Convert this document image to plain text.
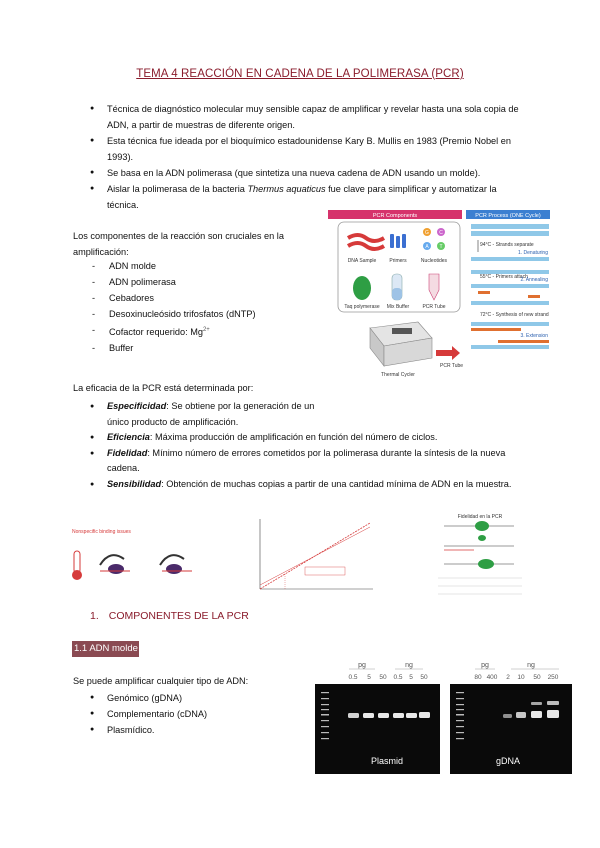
TEMA 4 REACCIÓN EN CADENA DE LA POLIMERASA (PCR)
● Técnica de diagnóstico molecular muy sensible capaz de amplificar y revelar hasta una sola copia de ADN, a partir de muestras de diferente origen.
● Esta técnica fue ideada por el bioquímico estadounidense Kary B. Mullis en 1983 (Premio Nobel en 1993).
● Se basa en la ADN polimerasa (que sintetiza una nueva cadena de ADN usando un molde).
● Aislar la polimerasa de la bacteria Thermus aquaticus fue clave para simplificar y automatizar la técnica.
Los componentes de la reacción son cruciales en la amplificación:
- ADN molde
- ADN polimerasa
- Cebadores
- Desoxinucleósido trifosfatos (dNTP)
- Cofactor requerido: $Mg^{2+}$
- Buffer
PCR Components
DNA Sample	Primers
G C
A T
Nucleotides
Taq polymerase Mix Buffer	PCR Tube
Thermal Cycler
PCR Tube
PCR Process (ONE Cycle)
94°C - Strands separate
55°C - Primers attach
72°C - Synthesis of new strand
1. Denaturing
2. Annealing
3. Extension
La eficacia de la PCR está determinada por:
● Especificidad: Se obtiene por la generación de un único producto de amplificación.
● Eficiencia: Máxima producción de amplificación en función del número de ciclos.
● Fidelidad: Mínimo número de errores cometidos por la polimerasa durante la síntesis de la nueva cadena.
● Sensibilidad: Obtención de muchas copias a partir de una cantidad mínima de ADN en la muestra.
Nonspecific binding issues
Fidelidad en la PCR
1. COMPONENTES DE LA PCR
1.1 ADN molde
Se puede amplificar cualquier tipo de ADN:
● Genómico (gDNA)
● Complementario (cDNA)
● Plasmídico.
pg	ng	pg	ng
0.5 5 50 0.5 5 50	80 400 2 10 50 250
Plasmid	gDNA
